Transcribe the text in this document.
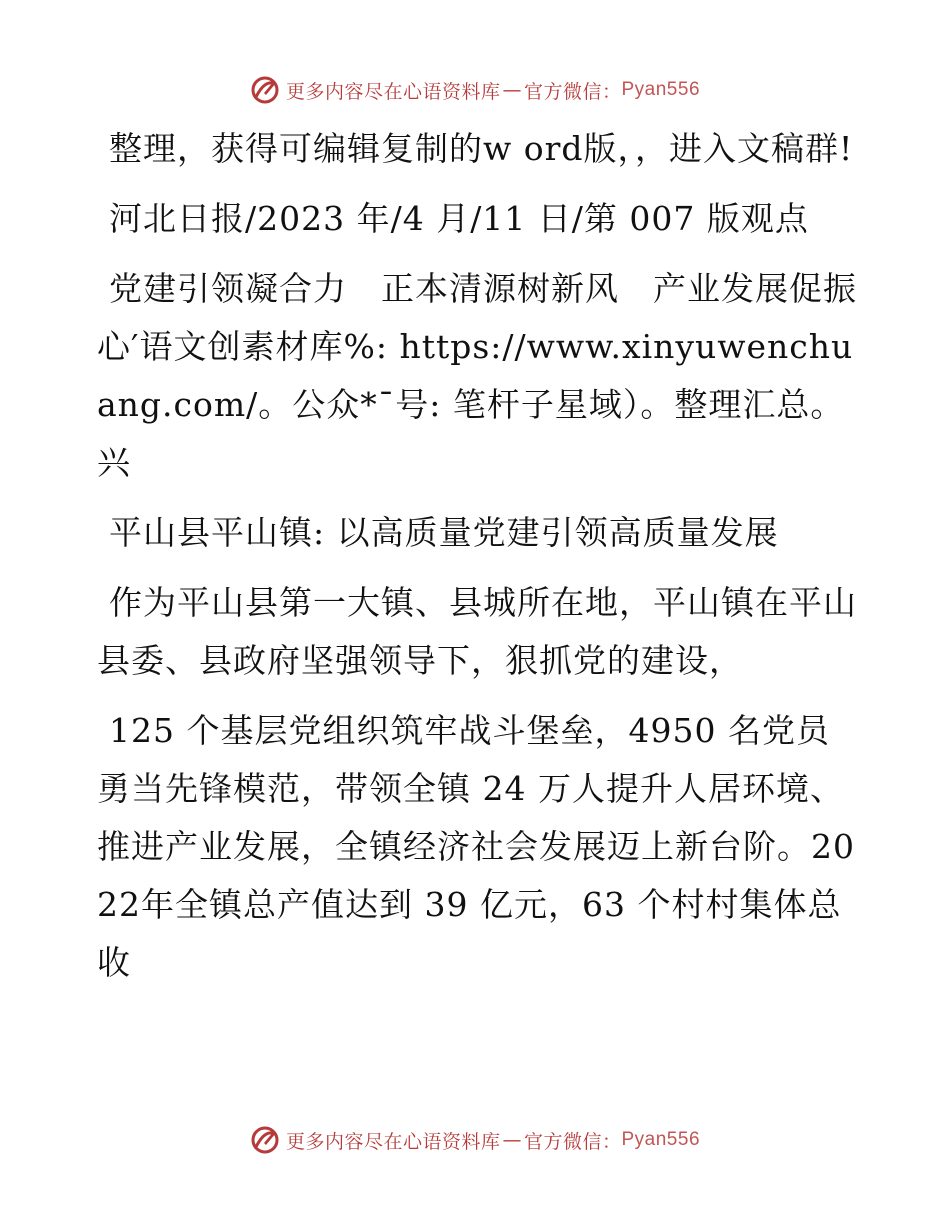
更多内容尽在心语资料库 — 官方微信： Pyan556

整理，获得可编辑复制的w ord版，，进入文稿群!

河北日报/2023 年/4 月/11 日/第 007 版观点

党建引领凝合力　正本清源树新风　产业发展促振心′语文创素材库%: https://www.xinyuwenchuang.com/。公众*¯号: 笔杆子星域）。整理汇总。兴

平山县平山镇: 以高质量党建引领高质量发展

作为平山县第一大镇、县城所在地，平山镇在平山县委、县政府坚强领导下，狠抓党的建设，

125 个基层党组织筑牢战斗堡垒，4950 名党员勇当先锋模范，带领全镇 24 万人提升人居环境、推进产业发展，全镇经济社会发展迈上新台阶。2022年全镇总产值达到 39 亿元，63 个村村集体总收

更多内容尽在心语资料库 — 官方微信： Pyan556
